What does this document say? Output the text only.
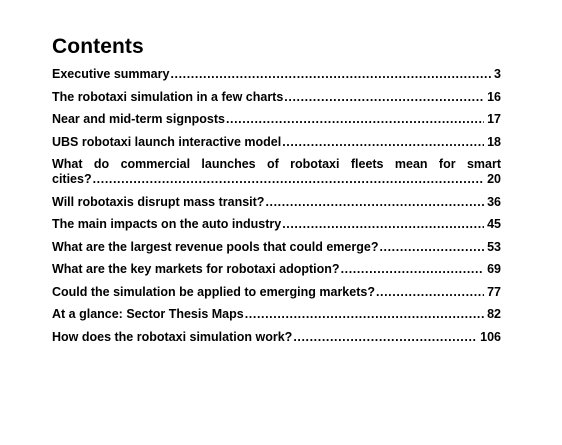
Contents
Executive summary .....	3
The robotaxi simulation in a few charts .....	16
Near and mid-term signposts .....	17
UBS robotaxi launch interactive model .....	18
What do commercial launches of robotaxi fleets mean for smart
cities? .....	20
Will robotaxis disrupt mass transit? .....	36
The main impacts on the auto industry .....	45
What are the largest revenue pools that could emerge? .....	53
What are the key markets for robotaxi adoption? .....	69
Could the simulation be applied to emerging markets? .....	77
At a glance: Sector Thesis Maps .....	82
How does the robotaxi simulation work? .....	106
